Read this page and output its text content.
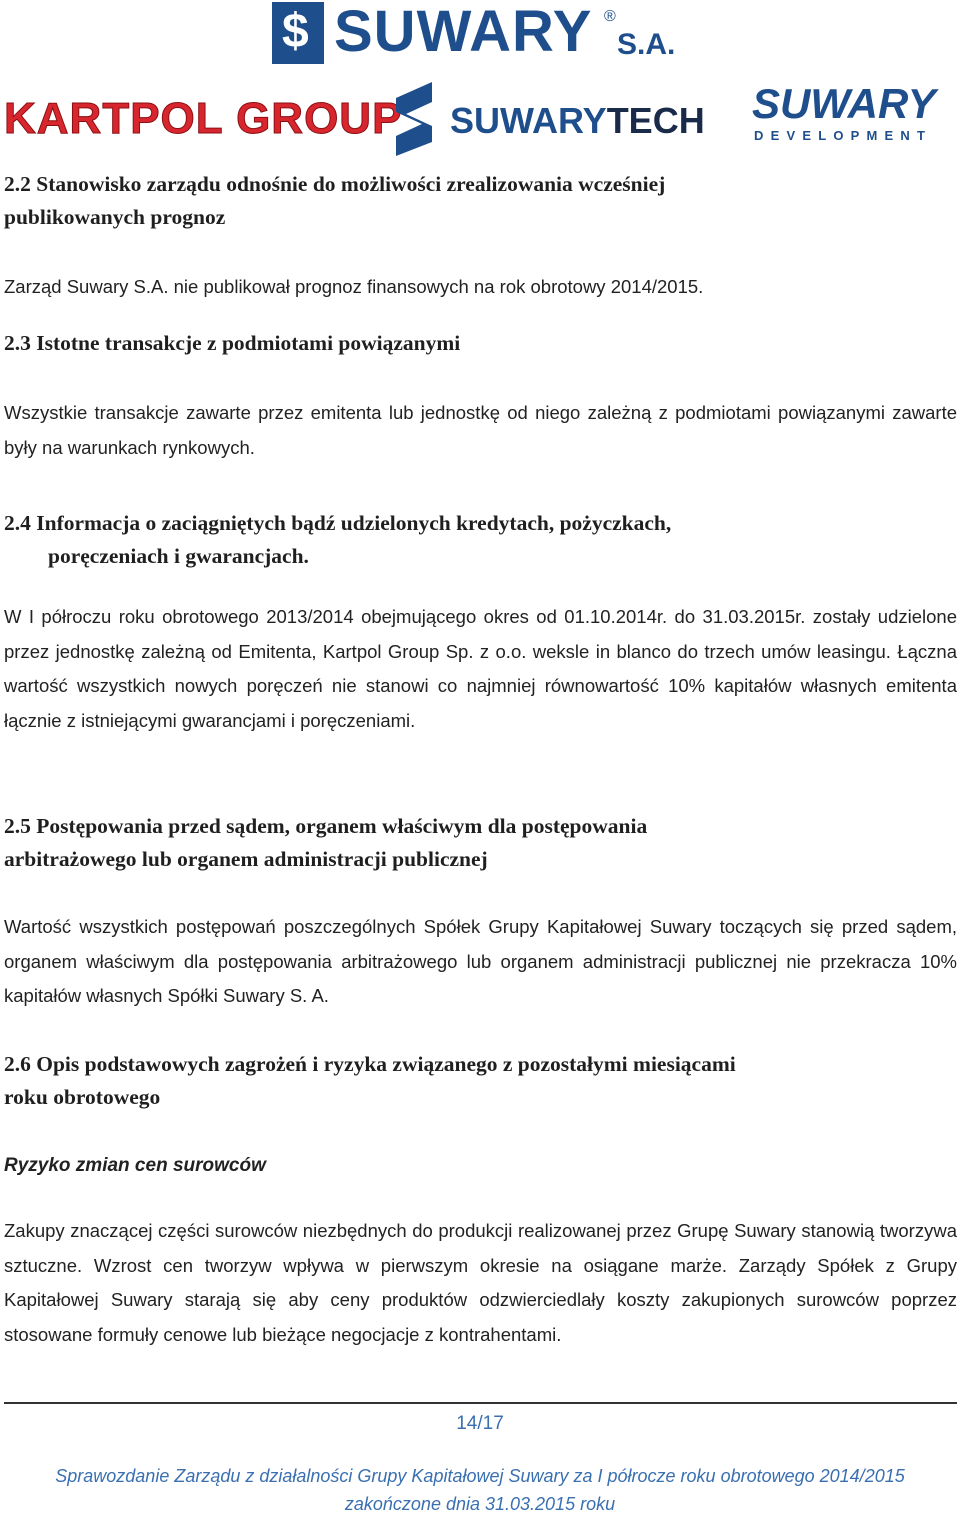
$ SUWARY ®
S.A.
KARTPOL GROUP SUWARYTECH SUWARY
DEVELOPMENT
2.2 Stanowisko zarządu odnośnie do możliwości zrealizowania wcześniej
publikowanych prognoz

Zarząd Suwary S.A. nie publikował prognoz finansowych na rok obrotowy 2014/2015.

2.3 Istotne transakcje z podmiotami powiązanymi

Wszystkie transakcje zawarte przez emitenta lub jednostkę od niego zależną z podmiotami powiązanymi zawarte były na warunkach rynkowych.

2.4 Informacja o zaciągniętych bądź udzielonych kredytach, pożyczkach,
poręczeniach i gwarancjach.

W I półroczu roku obrotowego 2013/2014 obejmującego okres od 01.10.2014r. do 31.03.2015r. zostały udzielone przez jednostkę zależną od Emitenta, Kartpol Group Sp. z o.o. weksle in blanco do trzech umów leasingu. Łączna wartość wszystkich nowych poręczeń nie stanowi co najmniej równowartość 10% kapitałów własnych emitenta łącznie z istniejącymi gwarancjami i poręczeniami.

2.5 Postępowania przed sądem, organem właściwym dla postępowania
arbitrażowego lub organem administracji publicznej

Wartość wszystkich postępowań poszczególnych Spółek Grupy Kapitałowej Suwary toczących się przed sądem, organem właściwym dla postępowania arbitrażowego lub organem administracji publicznej nie przekracza 10% kapitałów własnych Spółki Suwary S. A.

2.6 Opis podstawowych zagrożeń i ryzyka związanego z pozostałymi miesiącami
roku obrotowego
Ryzyko zmian cen surowców

Zakupy znaczącej części surowców niezbędnych do produkcji realizowanej przez Grupę Suwary stanowią tworzywa sztuczne. Wzrost cen tworzyw wpływa w pierwszym okresie na osiągane marże. Zarządy Spółek z Grupy Kapitałowej Suwary starają się aby ceny produktów odzwierciedlały koszty zakupionych surowców poprzez stosowane formuły cenowe lub bieżące negocjacje z kontrahentami.

14/17
Sprawozdanie Zarządu z działalności Grupy Kapitałowej Suwary za I półrocze roku obrotowego 2014/2015
zakończone dnia 31.03.2015 roku
